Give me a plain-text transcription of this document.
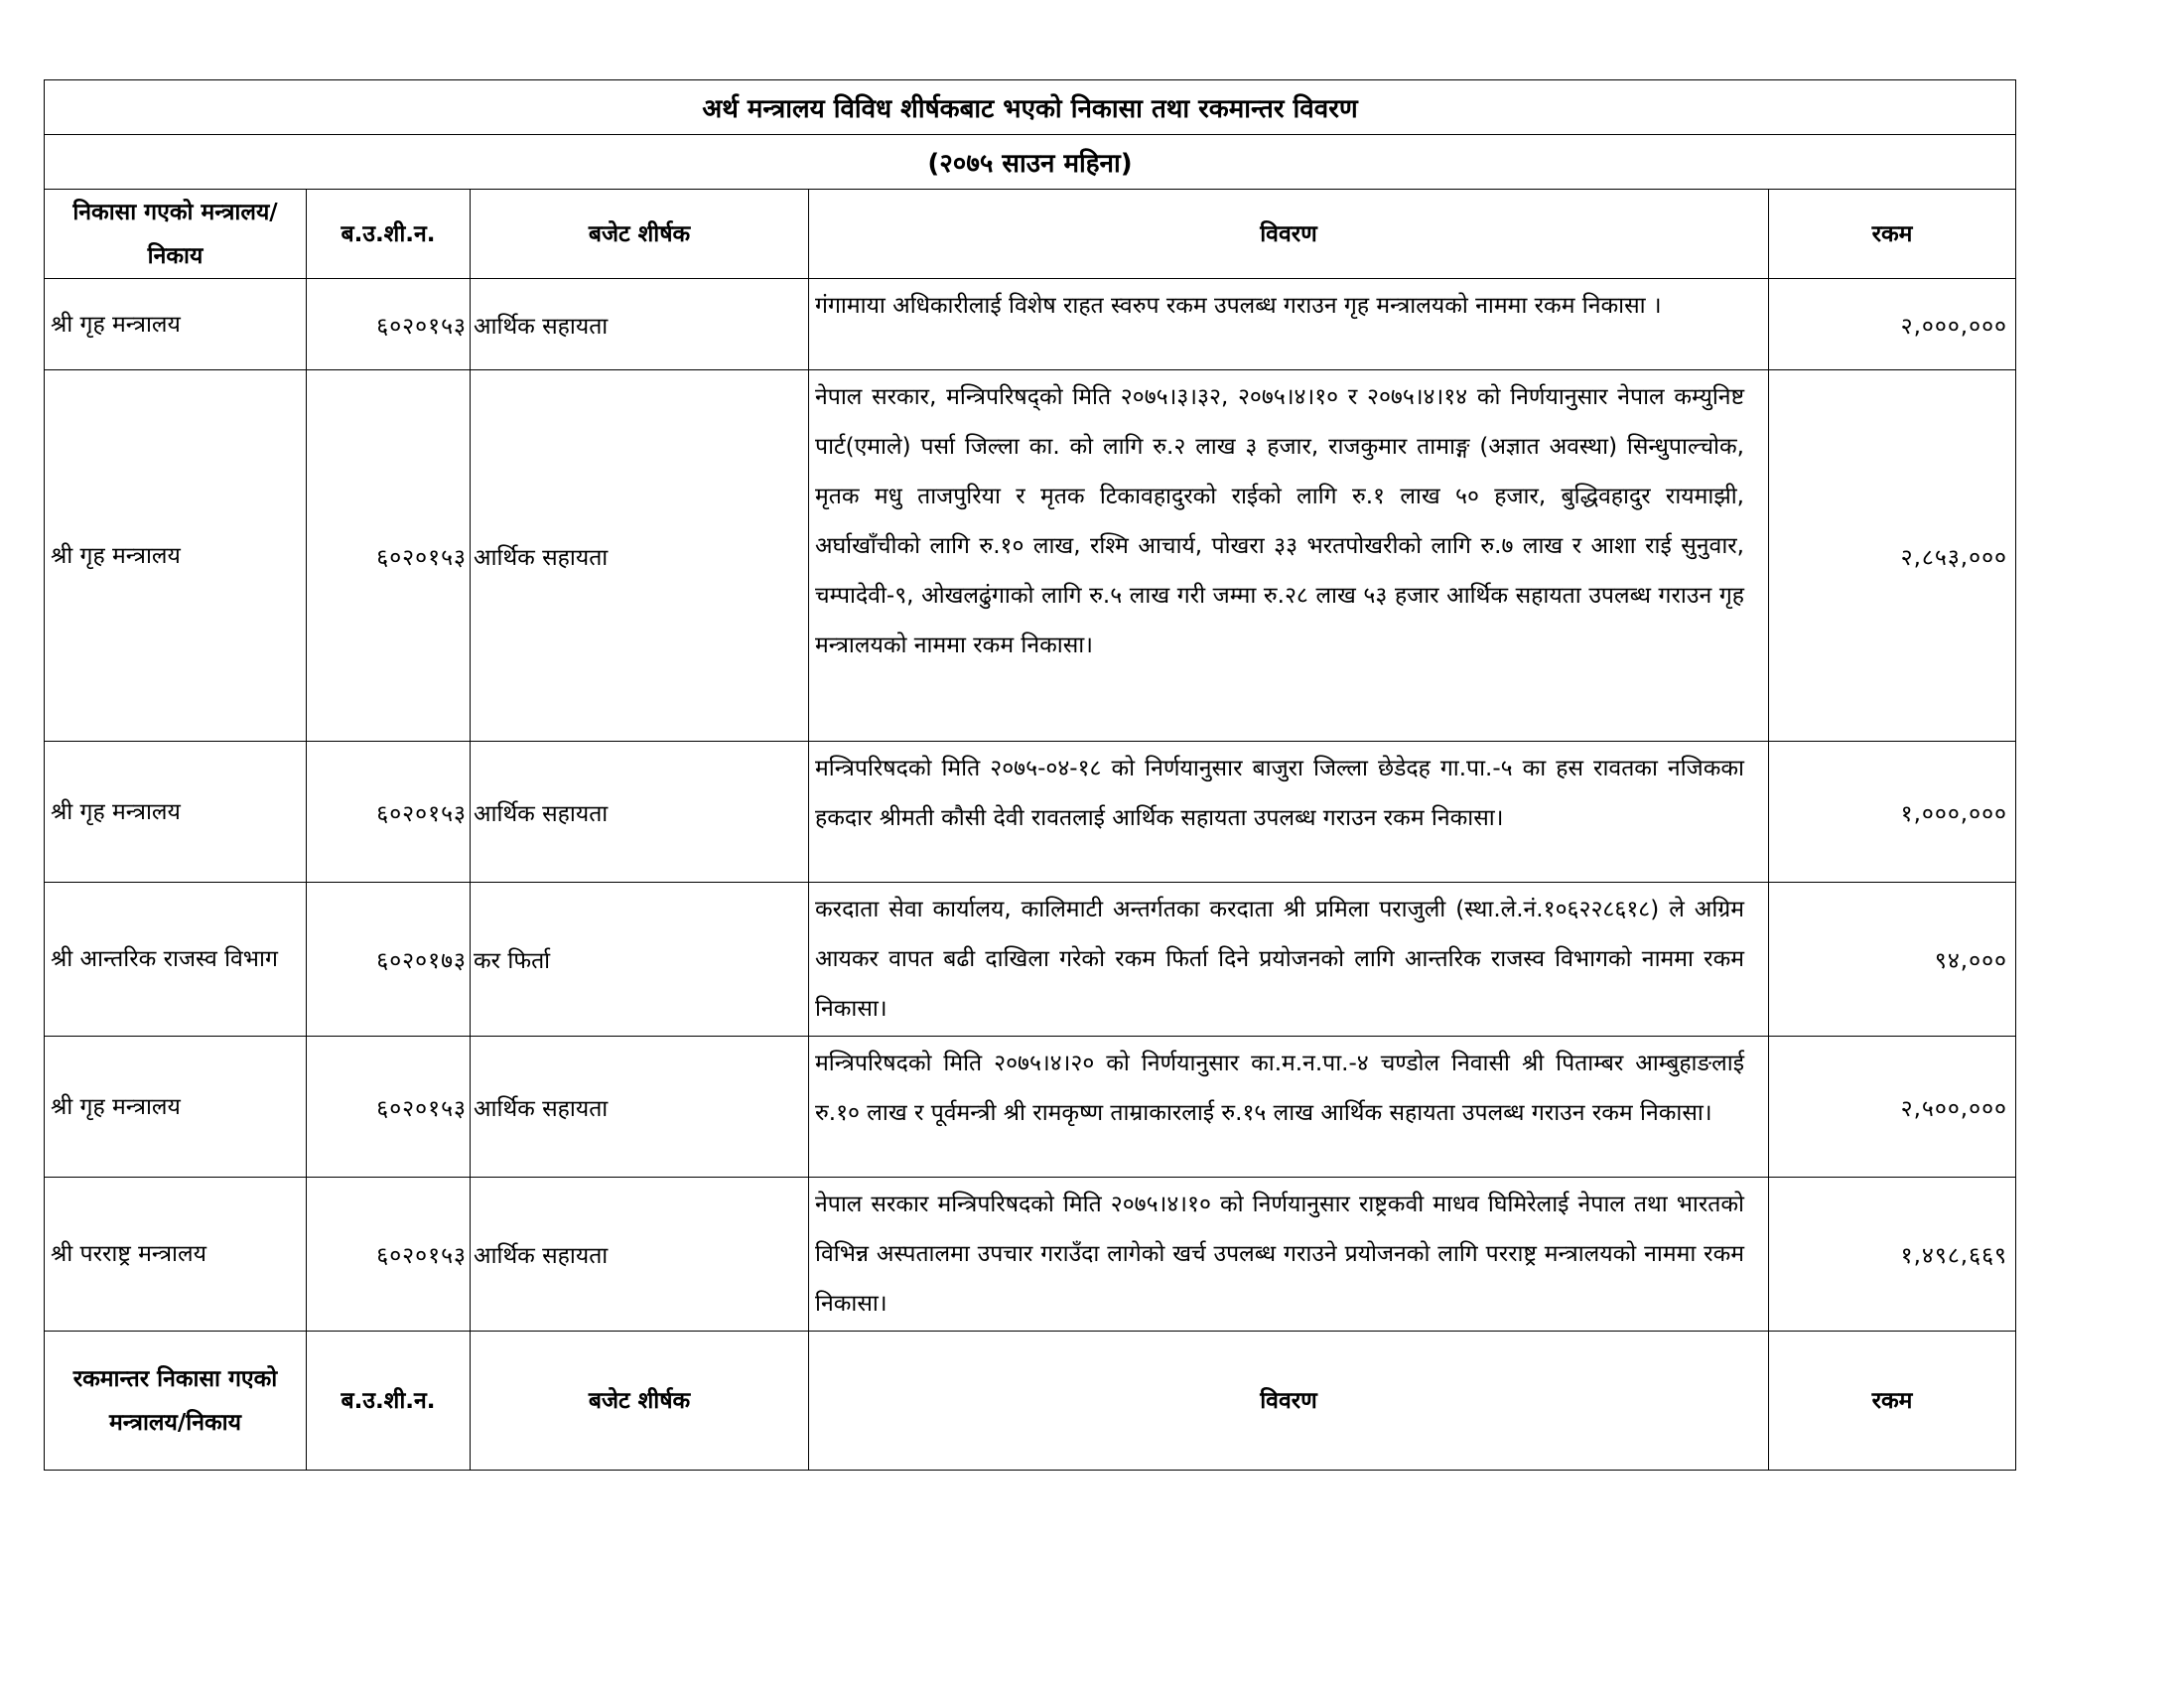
अर्थ मन्त्रालय विविध शीर्षकबाट भएको निकासा तथा रकमान्तर विवरण				
(२०७५ साउन महिना)				
निकासा गएको मन्त्रालय/निकाय	ब.उ.शी.न.	बजेट शीर्षक	विवरण	रकम
श्री गृह मन्त्रालय	६०२०१५३	आर्थिक सहायता	गंगामाया अधिकारीलाई विशेष राहत स्वरुप रकम उपलब्ध गराउन गृह मन्त्रालयको नाममा रकम निकासा ।	२,०००,०००
श्री गृह मन्त्रालय	६०२०१५३	आर्थिक सहायता	नेपाल सरकार, मन्त्रिपरिषद्को मिति २०७५।३।३२, २०७५।४।१० र २०७५।४।१४ को निर्णयानुसार नेपाल कम्युनिष्ट पार्ट(एमाले) पर्सा जिल्ला का. को लागि रु.२ लाख ३ हजार, राजकुमार तामाङ्ग (अज्ञात अवस्था) सिन्धुपाल्चोक, मृतक मधु ताजपुरिया र मृतक टिकावहादुरको राईको लागि रु.१ लाख ५० हजार, बुद्धिवहादुर रायमाझी, अर्घाखाँचीको लागि रु.१० लाख, रश्मि आचार्य, पोखरा ३३ भरतपोखरीको लागि रु.७ लाख र आशा राई सुनुवार, चम्पादेवी-९, ओखलढुंगाको लागि रु.५ लाख गरी जम्मा रु.२८ लाख ५३ हजार आर्थिक सहायता उपलब्ध गराउन गृह मन्त्रालयको नाममा रकम निकासा।	२,८५३,०००
श्री गृह मन्त्रालय	६०२०१५३	आर्थिक सहायता	मन्त्रिपरिषदको मिति २०७५-०४-१८ को निर्णयानुसार बाजुरा जिल्ला छेडेदह गा.पा.-५ का हस रावतका नजिकका हकदार श्रीमती कौसी देवी रावतलाई आर्थिक सहायता उपलब्ध गराउन रकम निकासा।	१,०००,०००
श्री आन्तरिक राजस्व विभाग	६०२०१७३	कर फिर्ता	करदाता सेवा कार्यालय, कालिमाटी अन्तर्गतका करदाता श्री प्रमिला पराजुली (स्था.ले.नं.१०६२२८६१८) ले अग्रिम आयकर वापत बढी दाखिला गरेको रकम फिर्ता दिने प्रयोजनको लागि आन्तरिक राजस्व विभागको नाममा रकम निकासा।	९४,०००
श्री गृह मन्त्रालय	६०२०१५३	आर्थिक सहायता	मन्त्रिपरिषदको मिति २०७५।४।२० को निर्णयानुसार का.म.न.पा.-४ चण्डोल निवासी श्री पिताम्बर आम्बुहाङलाई रु.१० लाख र पूर्वमन्त्री श्री रामकृष्ण ताम्राकारलाई रु.१५ लाख आर्थिक सहायता उपलब्ध गराउन रकम निकासा।	२,५००,०००
श्री परराष्ट्र मन्त्रालय	६०२०१५३	आर्थिक सहायता	नेपाल सरकार मन्त्रिपरिषदको मिति २०७५।४।१० को निर्णयानुसार राष्ट्रकवी माधव घिमिरेलाई नेपाल तथा भारतको विभिन्न अस्पतालमा उपचार गराउँदा लागेको खर्च उपलब्ध गराउने प्रयोजनको लागि परराष्ट्र मन्त्रालयको नाममा रकम निकासा।	१,४९८,६६९
रकमान्तर निकासा गएको मन्त्रालय/निकाय	ब.उ.शी.न.	बजेट शीर्षक	विवरण	रकम
